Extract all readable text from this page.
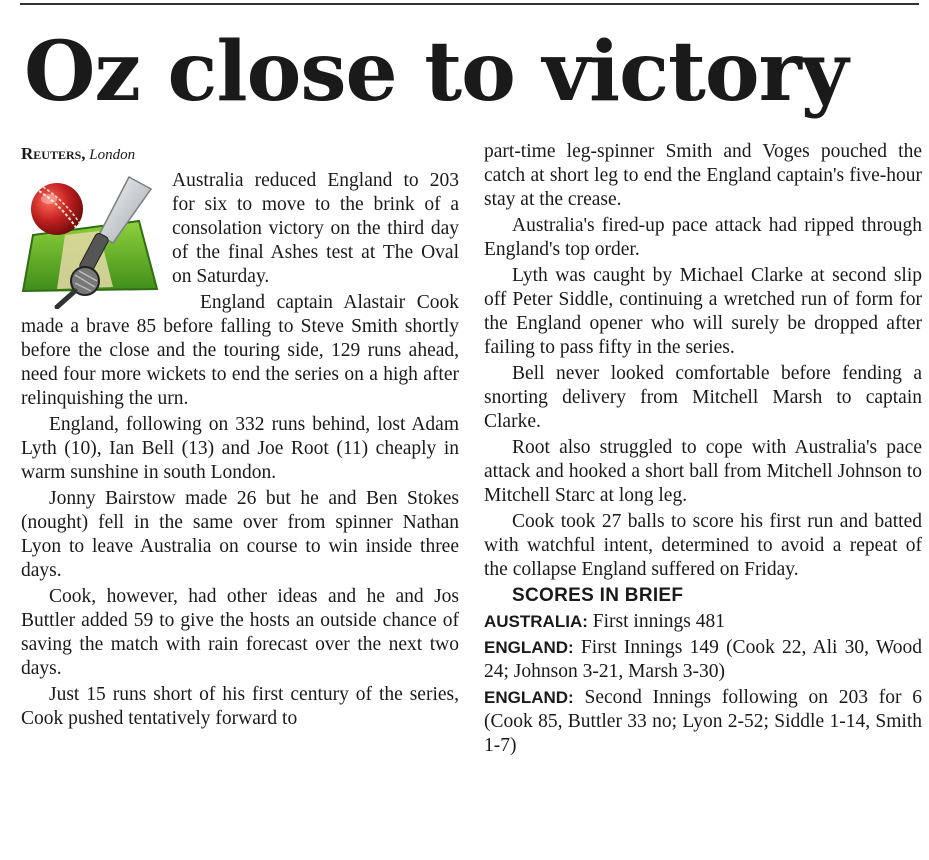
Oz close to victory

Reuters, London

Australia reduced England to 203 for six to move to the brink of a consolation victory on the third day of the final Ashes test at The Oval on Saturday.

England captain Alastair Cook made a brave 85 before falling to Steve Smith shortly before the close and the touring side, 129 runs ahead, need four more wickets to end the series on a high after relinquishing the urn.

England, following on 332 runs behind, lost Adam Lyth (10), Ian Bell (13) and Joe Root (11) cheaply in warm sunshine in south London.

Jonny Bairstow made 26 but he and Ben Stokes (nought) fell in the same over from spinner Nathan Lyon to leave Australia on course to win inside three days.

Cook, however, had other ideas and he and Jos Buttler added 59 to give the hosts an outside chance of saving the match with rain forecast over the next two days.

Just 15 runs short of his first century of the series, Cook pushed tentatively forward to

part-time leg-spinner Smith and Voges pouched the catch at short leg to end the England captain's five-hour stay at the crease.

Australia's fired-up pace attack had ripped through England's top order.

Lyth was caught by Michael Clarke at second slip off Peter Siddle, continuing a wretched run of form for the England opener who will surely be dropped after failing to pass fifty in the series.

Bell never looked comfortable before fending a snorting delivery from Mitchell Marsh to captain Clarke.

Root also struggled to cope with Australia's pace attack and hooked a short ball from Mitchell Johnson to Mitchell Starc at long leg.

Cook took 27 balls to score his first run and batted with watchful intent, determined to avoid a repeat of the collapse England suffered on Friday.

SCORES IN BRIEF

AUSTRALIA: First innings 481

ENGLAND: First Innings 149 (Cook 22, Ali 30, Wood 24; Johnson 3-21, Marsh 3-30)

ENGLAND: Second Innings following on 203 for 6 (Cook 85, Buttler 33 no; Lyon 2-52; Siddle 1-14, Smith 1-7)
